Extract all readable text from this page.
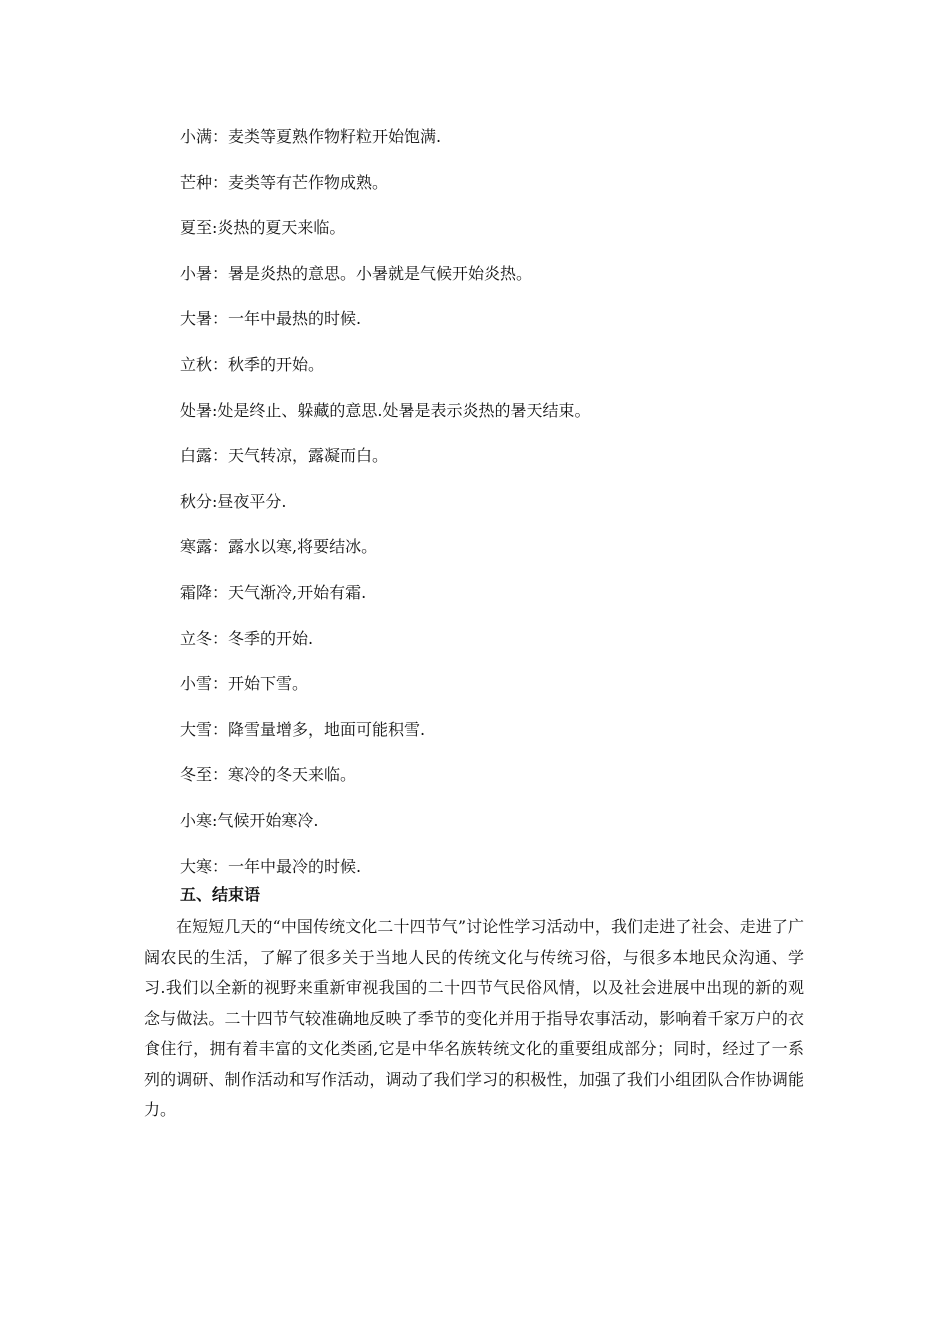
小满：麦类等夏熟作物籽粒开始饱满.
芒种：麦类等有芒作物成熟。
夏至:炎热的夏天来临。
小暑：暑是炎热的意思。小暑就是气候开始炎热。
大暑：一年中最热的时候.
立秋：秋季的开始。
处暑:处是终止、躲藏的意思.处暑是表示炎热的暑天结束。
白露：天气转凉，露凝而白。
秋分:昼夜平分.
寒露：露水以寒,将要结冰。
霜降：天气渐冷,开始有霜.
立冬：冬季的开始.
小雪：开始下雪。
大雪：降雪量增多，地面可能积雪.
冬至：寒冷的冬天来临。
小寒:气候开始寒冷.
大寒：一年中最冷的时候.
五、结束语

在短短几天的“中国传统文化二十四节气”讨论性学习活动中，我们走进了社会、走进了广阔农民的生活，了解了很多关于当地人民的传统文化与传统习俗，与很多本地民众沟通、学习.我们以全新的视野来重新审视我国的二十四节气民俗风情，以及社会进展中出现的新的观念与做法。二十四节气较准确地反映了季节的变化并用于指导农事活动，影响着千家万户的衣食住行，拥有着丰富的文化类函,它是中华名族转统文化的重要组成部分；同时，经过了一系列的调研、制作活动和写作活动，调动了我们学习的积极性，加强了我们小组团队合作协调能力。
